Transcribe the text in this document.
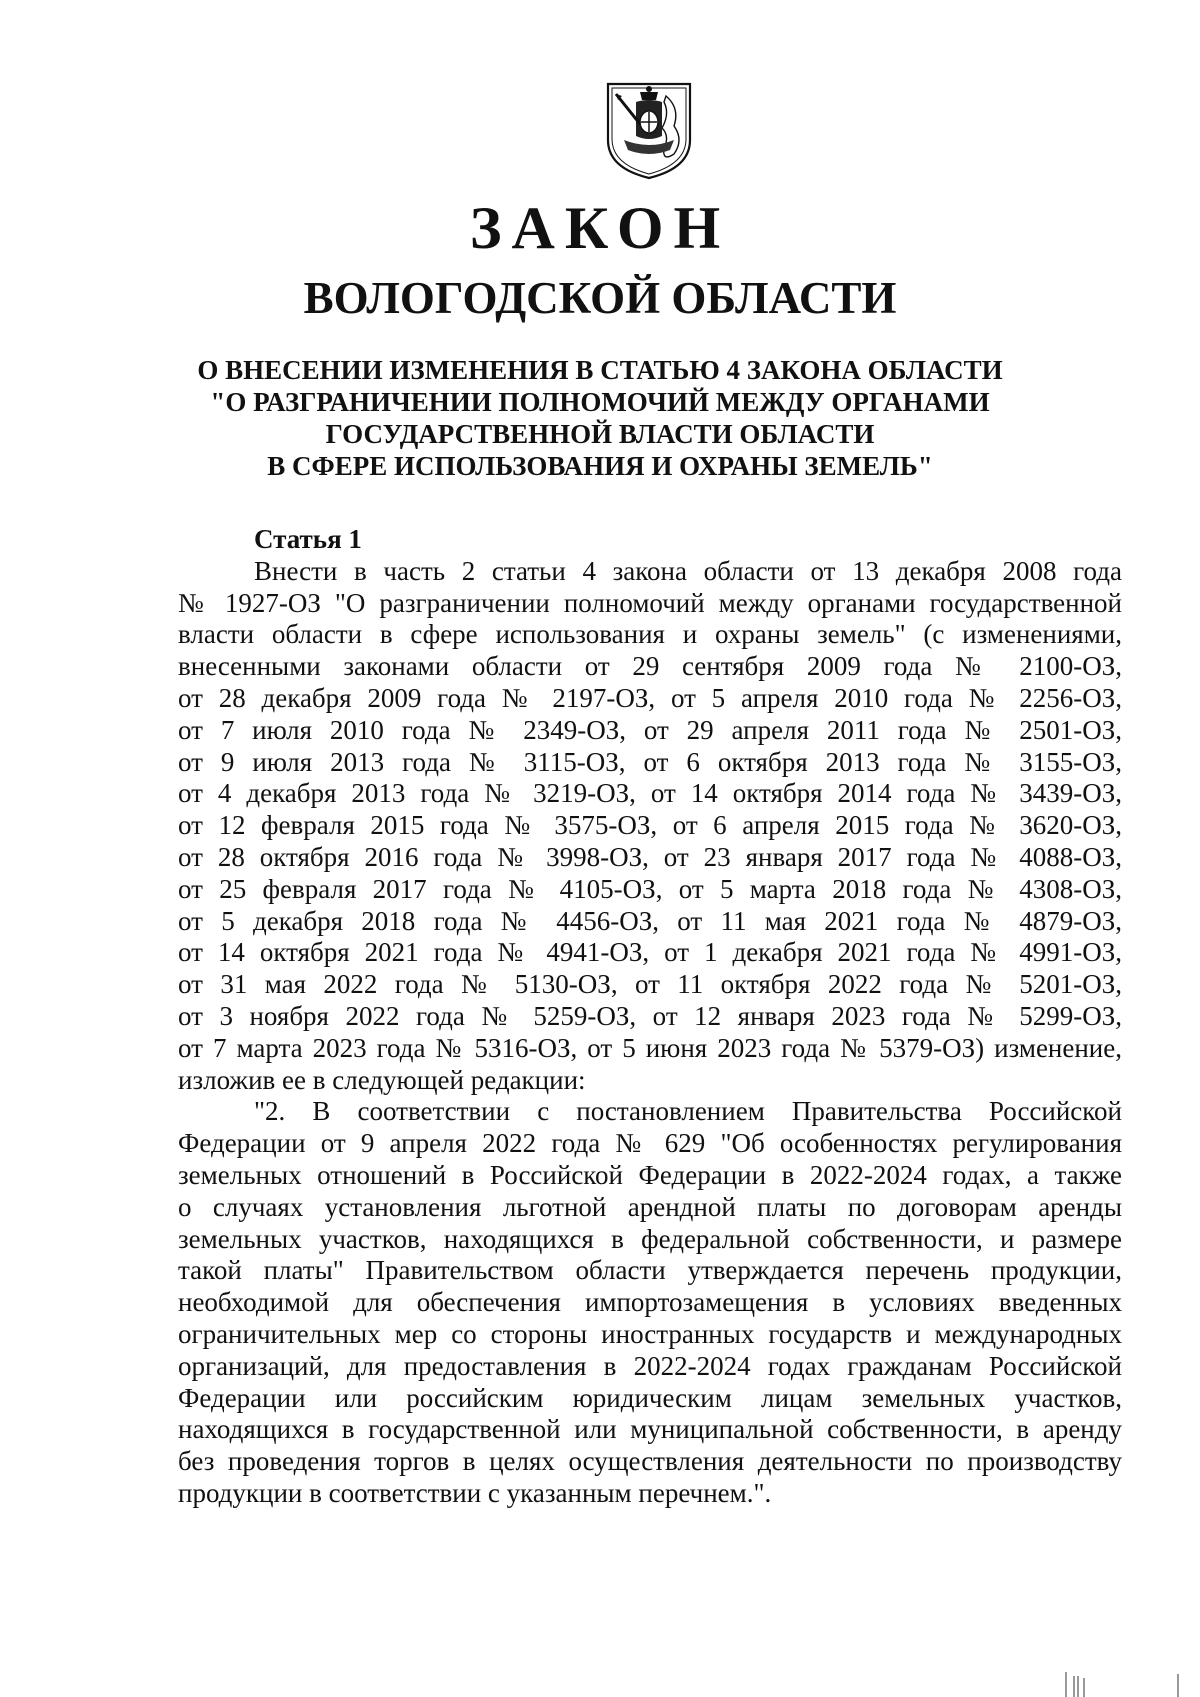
ЗАКОН
ВОЛОГОДСКОЙ ОБЛАСТИ
О ВНЕСЕНИИ ИЗМЕНЕНИЯ В СТАТЬЮ 4 ЗАКОНА ОБЛАСТИ
"О РАЗГРАНИЧЕНИИ ПОЛНОМОЧИЙ МЕЖДУ ОРГАНАМИ
ГОСУДАРСТВЕННОЙ ВЛАСТИ ОБЛАСТИ
В СФЕРЕ ИСПОЛЬЗОВАНИЯ И ОХРАНЫ ЗЕМЕЛЬ"

Статья 1

Внести в часть 2 статьи 4 закона области от 13 декабря 2008 года
№ 1927-ОЗ "О разграничении полномочий между органами государственной
власти области в сфере использования и охраны земель" (с изменениями,
внесенными законами области от 29 сентября 2009 года № 2100-ОЗ,
от 28 декабря 2009 года № 2197-ОЗ, от 5 апреля 2010 года № 2256-ОЗ,
от 7 июля 2010 года № 2349-ОЗ, от 29 апреля 2011 года № 2501-ОЗ,
от 9 июля 2013 года № 3115-ОЗ, от 6 октября 2013 года № 3155-ОЗ,
от 4 декабря 2013 года № 3219-ОЗ, от 14 октября 2014 года № 3439-ОЗ,
от 12 февраля 2015 года № 3575-ОЗ, от 6 апреля 2015 года № 3620-ОЗ,
от 28 октября 2016 года № 3998-ОЗ, от 23 января 2017 года № 4088-ОЗ,
от 25 февраля 2017 года № 4105-ОЗ, от 5 марта 2018 года № 4308-ОЗ,
от 5 декабря 2018 года № 4456-ОЗ, от 11 мая 2021 года № 4879-ОЗ,
от 14 октября 2021 года № 4941-ОЗ, от 1 декабря 2021 года № 4991-ОЗ,
от 31 мая 2022 года № 5130-ОЗ, от 11 октября 2022 года № 5201-ОЗ,
от 3 ноября 2022 года № 5259-ОЗ, от 12 января 2023 года № 5299-ОЗ,
от 7 марта 2023 года № 5316-ОЗ, от 5 июня 2023 года № 5379-ОЗ) изменение,
изложив ее в следующей редакции:

"2. В соответствии с постановлением Правительства Российской
Федерации от 9 апреля 2022 года № 629 "Об особенностях регулирования
земельных отношений в Российской Федерации в 2022-2024 годах, а также
о случаях установления льготной арендной платы по договорам аренды
земельных участков, находящихся в федеральной собственности, и размере
такой платы" Правительством области утверждается перечень продукции,
необходимой для обеспечения импортозамещения в условиях введенных
ограничительных мер со стороны иностранных государств и международных
организаций, для предоставления в 2022-2024 годах гражданам Российской
Федерации или российским юридическим лицам земельных участков,
находящихся в государственной или муниципальной собственности, в аренду
без проведения торгов в целях осуществления деятельности по производству
продукции в соответствии с указанным перечнем.".
